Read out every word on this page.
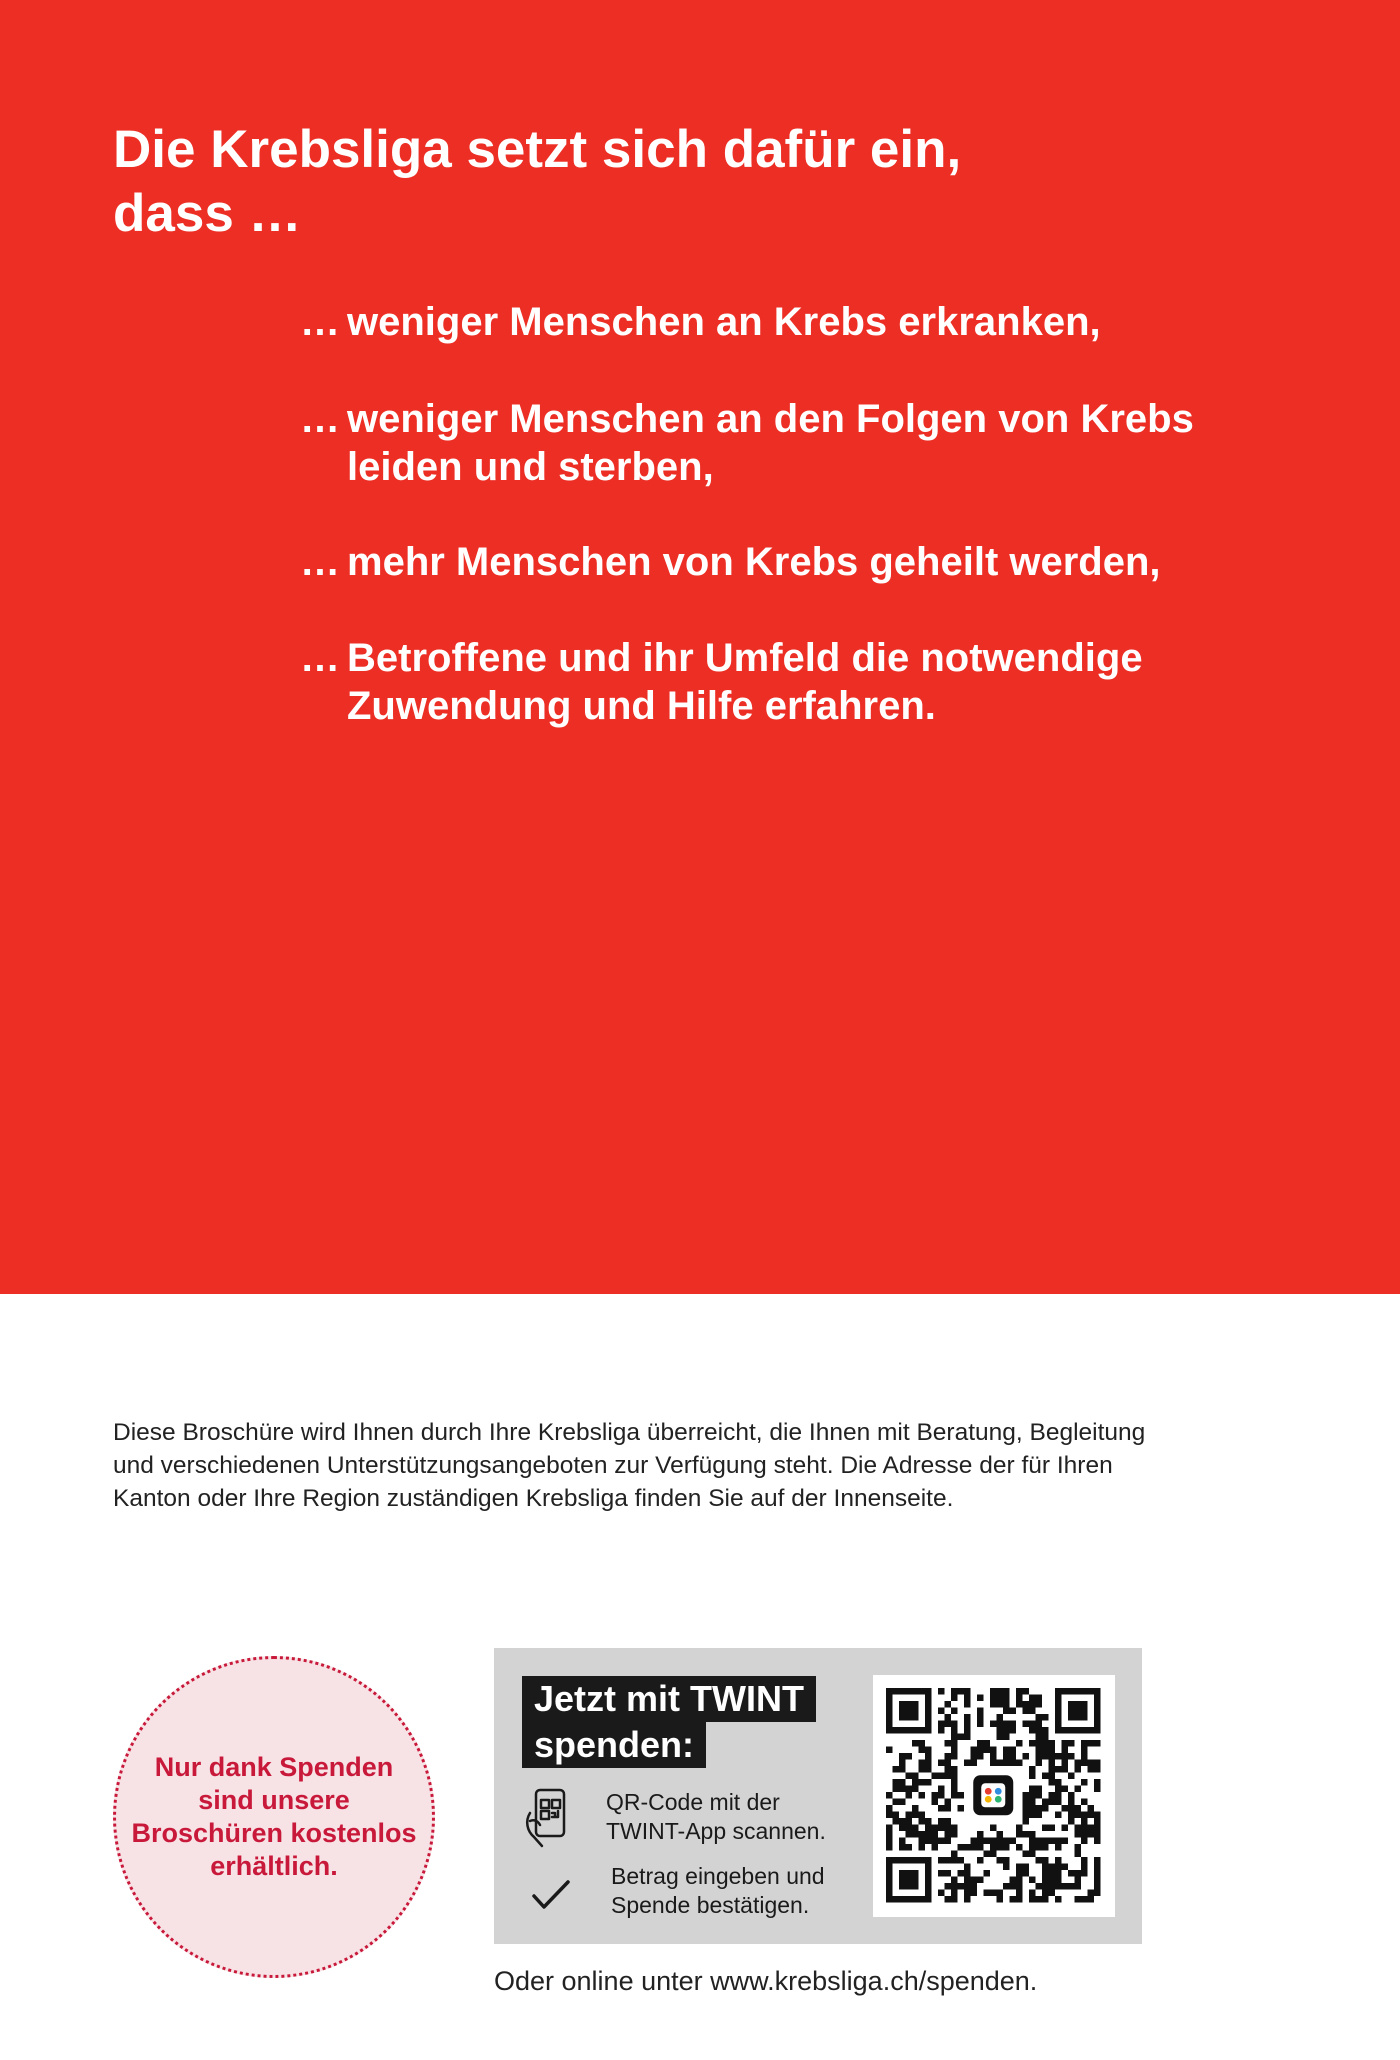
Die Krebsliga setzt sich dafür ein,
dass …
… weniger Menschen an Krebs erkranken,
… weniger Menschen an den Folgen von Krebs leiden und sterben,
… mehr Menschen von Krebs geheilt werden,
… Betroffene und ihr Umfeld die notwendige Zuwendung und Hilfe erfahren.

Diese Broschüre wird Ihnen durch Ihre Krebsliga überreicht, die Ihnen mit Beratung, Begleitung und verschiedenen Unterstützungsangeboten zur Verfügung steht. Die Adresse der für Ihren Kanton oder Ihre Region zuständigen Krebsliga finden Sie auf der Innenseite.

Nur dank Spenden sind unsere Broschüren kostenlos erhältlich.
Jetzt mit TWINT
spenden:
QR-Code mit der TWINT-App scannen.
Betrag eingeben und Spende bestätigen.
Oder online unter www.krebsliga.ch/spenden.
